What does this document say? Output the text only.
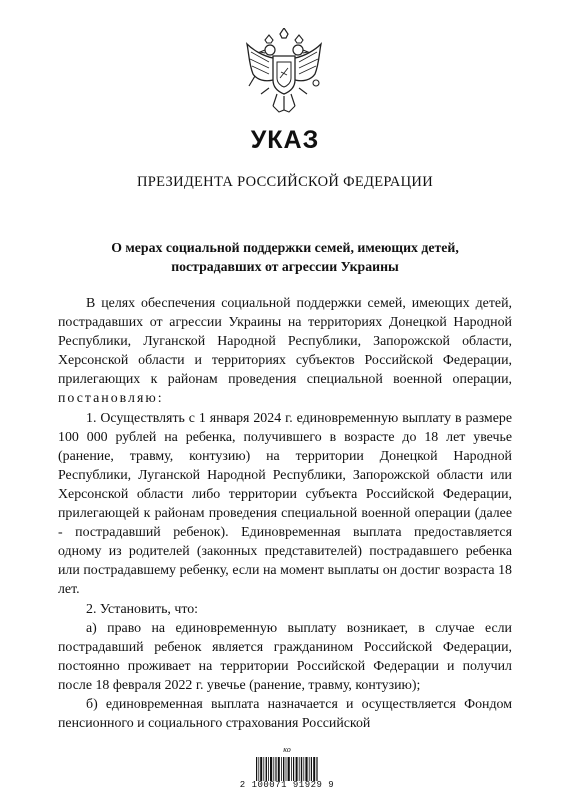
УКАЗ
ПРЕЗИДЕНТА РОССИЙСКОЙ ФЕДЕРАЦИИ
О мерах социальной поддержки семей, имеющих детей,
пострадавших от агрессии Украины

В целях обеспечения социальной поддержки семей, имеющих детей, пострадавших от агрессии Украины на территориях Донецкой Народной Республики, Луганской Народной Республики, Запорожской области, Херсонской области и территориях субъектов Российской Федерации, прилегающих к районам проведения специальной военной операции, постановляю:

1. Осуществлять с 1 января 2024 г. единовременную выплату в размере 100 000 рублей на ребенка, получившего в возрасте до 18 лет увечье (ранение, травму, контузию) на территории Донецкой Народной Республики, Луганской Народной Республики, Запорожской области или Херсонской области либо территории субъекта Российской Федерации, прилегающей к районам проведения специальной военной операции (далее - пострадавший ребенок). Единовременная выплата предоставляется одному из родителей (законных представителей) пострадавшего ребенка или пострадавшему ребенку, если на момент выплаты он достиг возраста 18 лет.

2. Установить, что:

а) право на единовременную выплату возникает, в случае если пострадавший ребенок является гражданином Российской Федерации, постоянно проживает на территории Российской Федерации и получил после 18 февраля 2022 г. увечье (ранение, травму, контузию);

б) единовременная выплата назначается и осуществляется Фондом пенсионного и социального страхования Российской

ко
2 100071 91929 9
